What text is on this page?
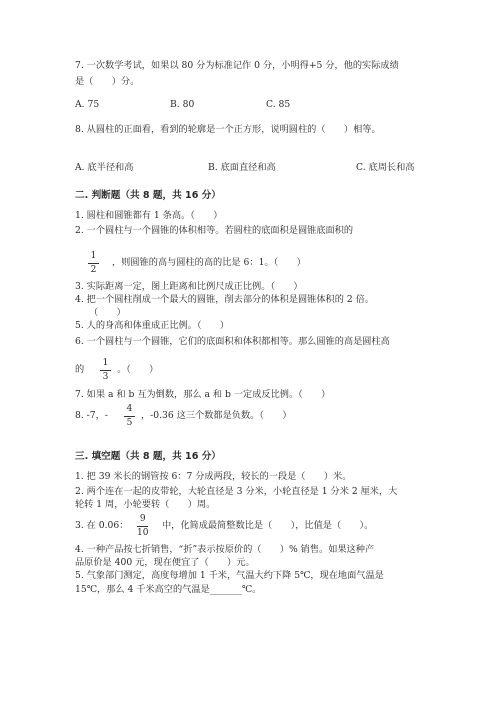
7. 一次数学考试，如果以 80 分为标准记作 0 分，小明得+5 分，他的实际成绩
是（　　）分。
A. 75	B. 80	C. 85
8. 从圆柱的正面看，看到的轮廓是一个正方形，说明圆柱的（　　）相等。
A. 底半径和高	B. 底面直径和高	C. 底周长和高
二. 判断题（共 8 题，共 16 分）
1. 圆柱和圆锥都有 1 条高。（　　）
2. 一个圆柱与一个圆锥的体积相等。若圆柱的底面积是圆锥底面积的
1
2
，则圆锥的高与圆柱的高的比是 6：1。（　　）
3. 实际距离一定，图上距离和比例尺成正比例。（　　）
4. 把一个圆柱削成一个最大的圆锥，削去部分的体积是圆锥体积的 2 倍。
（　　）
5. 人的身高和体重成正比例。（　　）
6. 一个圆柱与一个圆锥，它们的底面积和体积都相等。那么圆锥的高是圆柱高
的
1
3
。（　　）
7. 如果 a 和 b 互为倒数，那么 a 和 b 一定成反比例。（　　）
8. -7，-
4
5
，-0.36 这三个数都是负数。（　　）
三. 填空题（共 8 题，共 16 分）
1. 把 39 米长的钢管按 6：7 分成两段，较长的一段是（　　）米。
2. 两个连在一起的皮带轮，大轮直径是 3 分米，小轮直径是 1 分米 2 厘米，大
轮转 1 周，小轮要转（　　）周。
3. 在 0.06：
9
10
中，化简成最简整数比是（　　），比值是（　　）。
4. 一种产品按七折销售，“折”表示按原价的（　　）% 销售。如果这种产
品原价是 400 元，现在便宜了（　　）元。
5. 气象部门测定，高度每增加 1 千米，气温大约下降 5℃，现在地面气温是
15℃，那么 4 千米高空的气温是_______℃。
